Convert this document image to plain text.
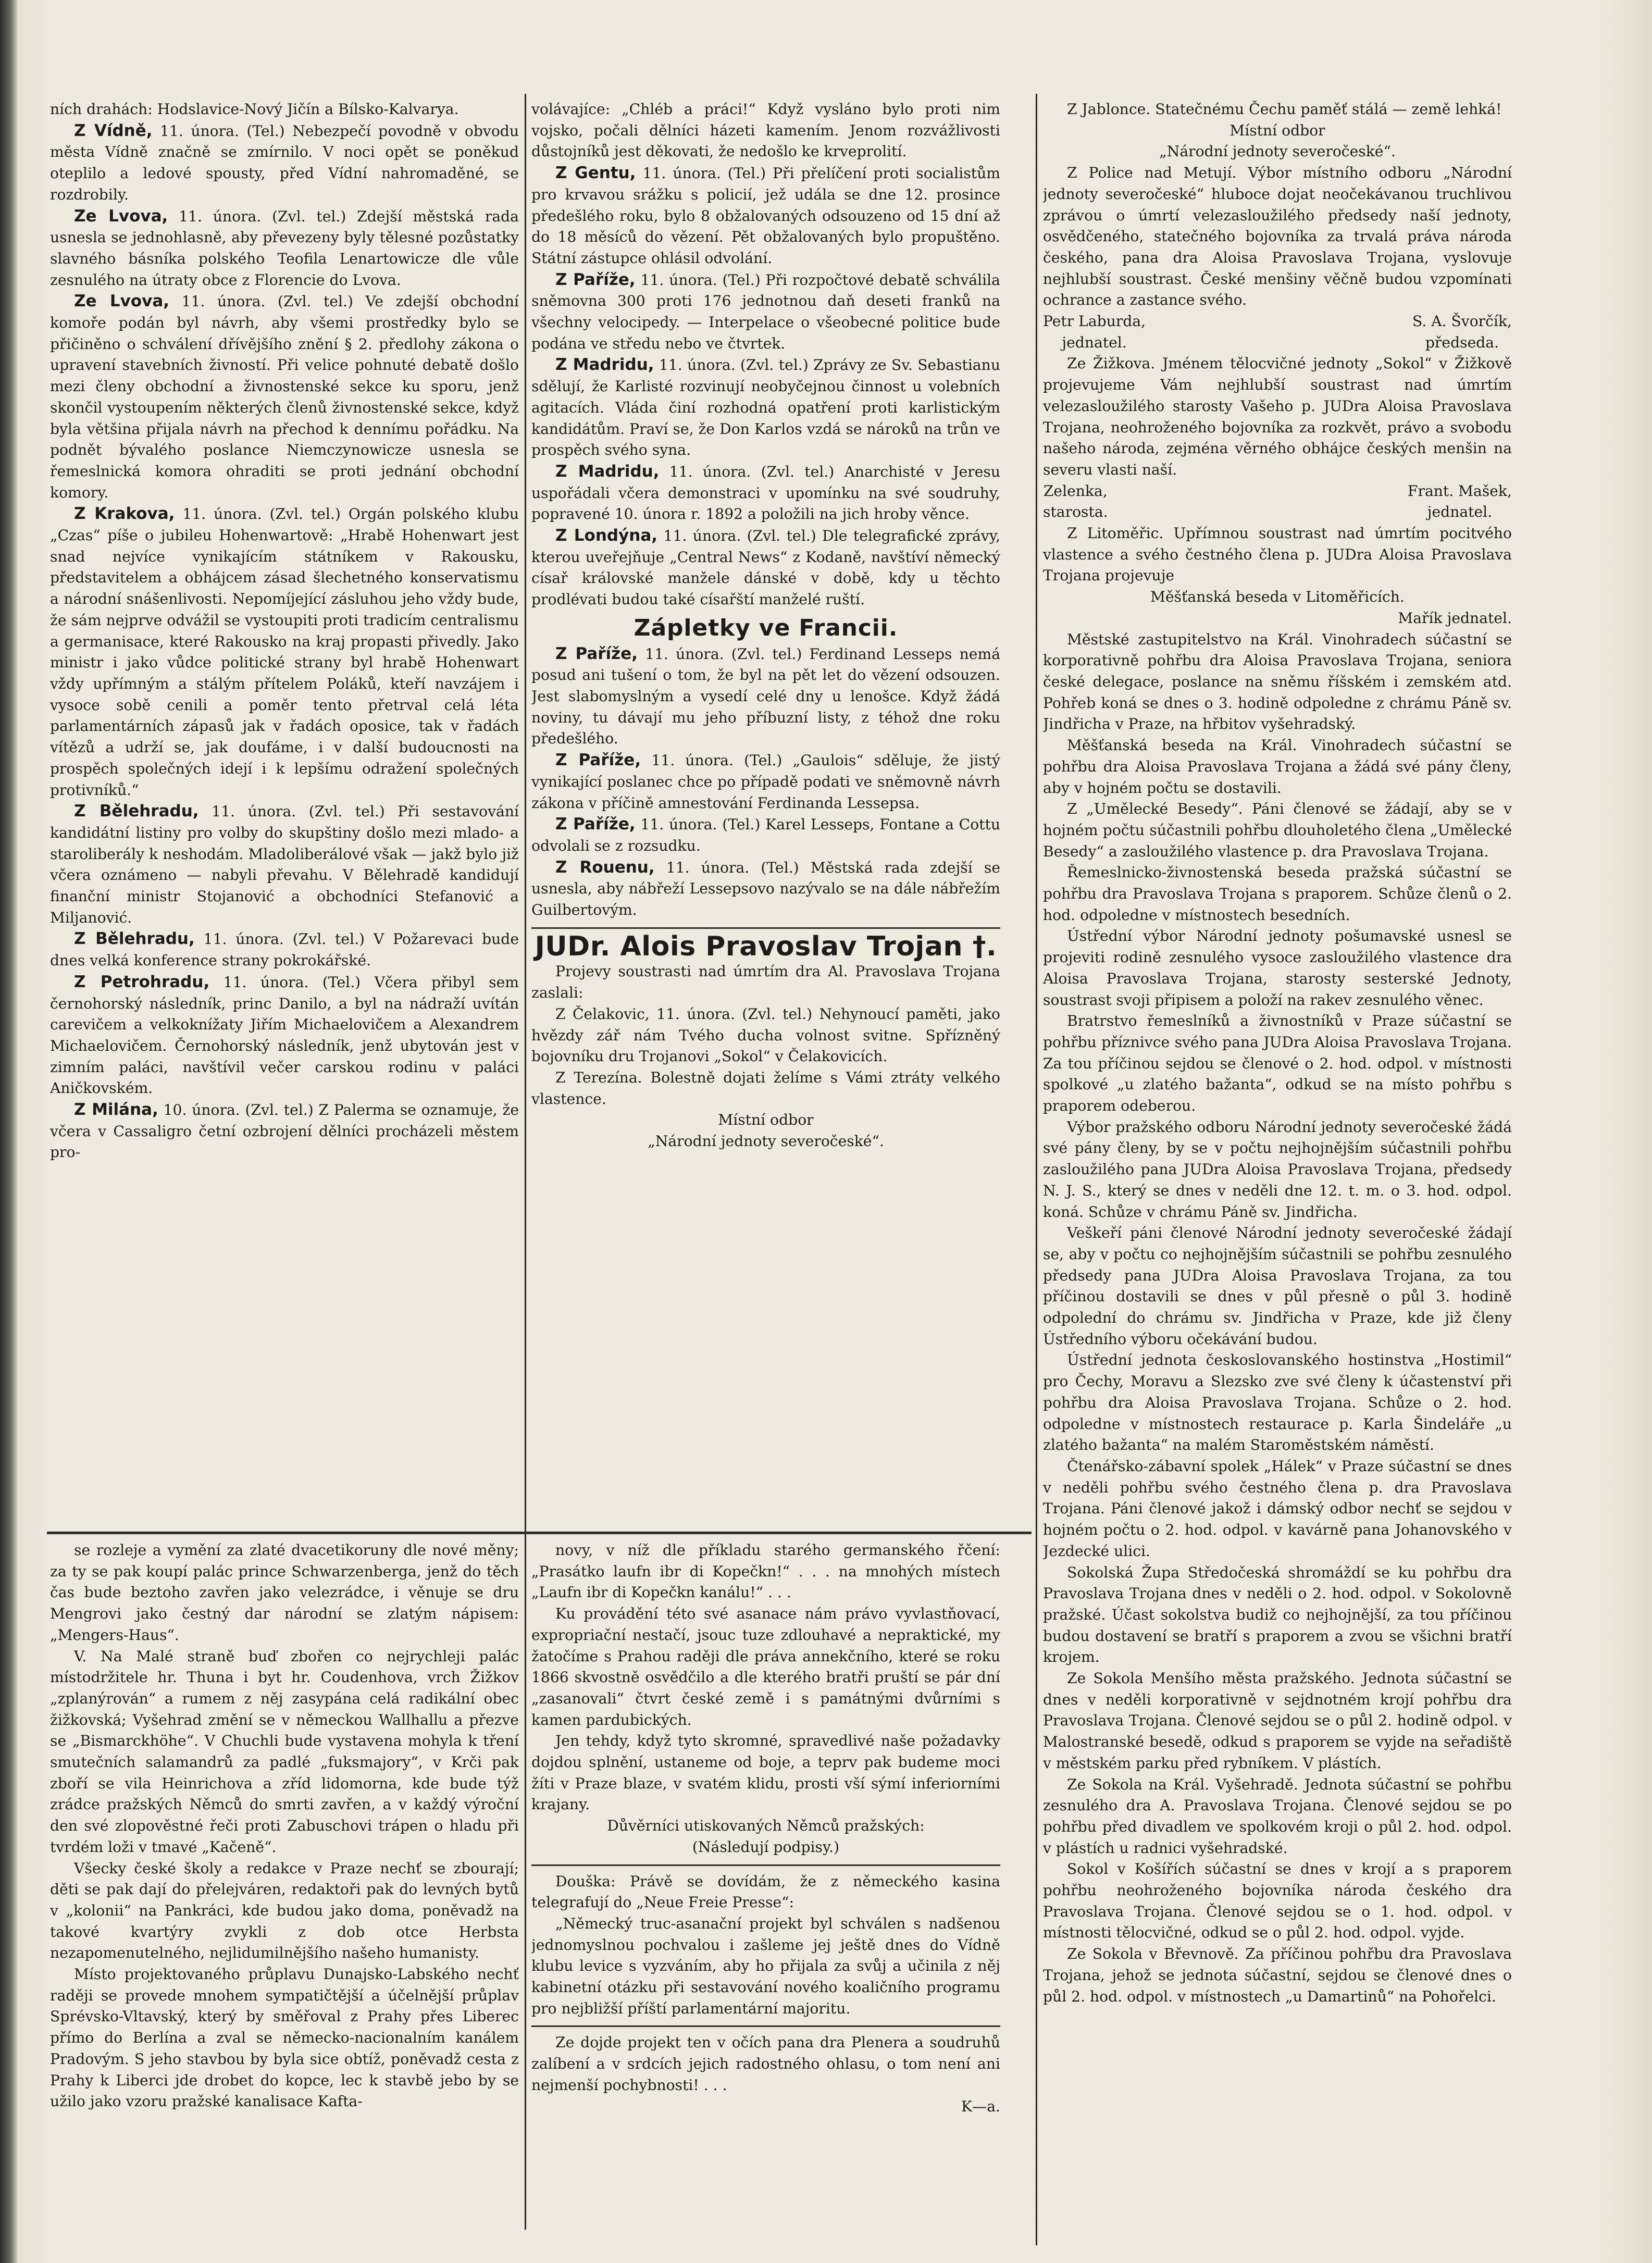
ních drahách: Hodslavice-Nový Jičín a Bílsko-Kalvarya.

Z Vídně, 11. února. (Tel.) Nebezpečí povodně v obvodu města Vídně značně se zmírnilo. V noci opět se poněkud oteplilo a ledové spousty, před Vídní nahromaděné, se rozdrobily.

Ze Lvova, 11. února. (Zvl. tel.) Zdejší městská rada usnesla se jednohlasně, aby převezeny byly tělesné pozůstatky slavného básníka polského Teofila Lenartowicze dle vůle zesnulého na útraty obce z Florencie do Lvova.

Ze Lvova, 11. února. (Zvl. tel.) Ve zdejší obchodní komoře podán byl návrh, aby všemi prostředky bylo se přičiněno o schválení dřívějšího znění § 2. předlohy zákona o upravení stavebních živností. Při velice pohnuté debatě došlo mezi členy obchodní a živnostenské sekce ku sporu, jenž skončil vystoupením některých členů živnostenské sekce, když byla většina přijala návrh na přechod k dennímu pořádku. Na podnět bývalého poslance Niemczynowicze usnesla se řemeslnická komora ohraditi se proti jednání obchodní komory.

Z Krakova, 11. února. (Zvl. tel.) Orgán polského klubu „Czas“ píše o jubileu Hohenwartově: „Hrabě Hohenwart jest snad nejvíce vynikajícím státníkem v Rakousku, představitelem a obhájcem zásad šlechetného konservatismu a národní snášenlivosti. Nepomíjející zásluhou jeho vždy bude, že sám nejprve odvážil se vystoupiti proti tradicím centralismu a germanisace, které Rakousko na kraj propasti přivedly. Jako ministr i jako vůdce politické strany byl hrabě Hohenwart vždy upřímným a stálým přítelem Poláků, kteří navzájem i vysoce sobě cenili a poměr tento přetrval celá léta parlamentárních zápasů jak v řadách oposice, tak v řadách vítězů a udrží se, jak doufáme, i v další budoucnosti na prospěch společných idejí i k lepšímu odražení společných protivníků.“

Z Bělehradu, 11. února. (Zvl. tel.) Při sestavování kandidátní listiny pro volby do skupštiny došlo mezi mlado- a staroliberály k neshodám. Mladoliberálové však — jakž bylo již včera oznámeno — nabyli převahu. V Bělehradě kandidují finanční ministr Stojanović a obchodníci Stefanović a Miljanović.

Z Bělehradu, 11. února. (Zvl. tel.) V Požarevaci bude dnes velká konference strany pokrokářské.

Z Petrohradu, 11. února. (Tel.) Včera přibyl sem černohorský následník, princ Danilo, a byl na nádraží uvítán carevičem a velkoknížaty Jiřím Michaelovičem a Alexandrem Michaelovičem. Černohorský následník, jenž ubytován jest v zimním paláci, navštívil večer carskou rodinu v paláci Aničkovském.

Z Milána, 10. února. (Zvl. tel.) Z Palerma se oznamuje, že včera v Cassaligro četní ozbrojení dělníci procházeli městem pro-

volávajíce: „Chléb a práci!“ Když vysláno bylo proti nim vojsko, počali dělníci házeti kamením. Jenom rozvážlivosti důstojníků jest děkovati, že nedošlo ke krveprolití.

Z Gentu, 11. února. (Tel.) Při přelíčení proti socialistům pro krvavou srážku s policií, jež udála se dne 12. prosince předešlého roku, bylo 8 obžalovaných odsouzeno od 15 dní až do 18 měsíců do vězení. Pět obžalovaných bylo propuštěno. Státní zástupce ohlásil odvolání.

Z Paříže, 11. února. (Tel.) Při rozpočtové debatě schválila sněmovna 300 proti 176 jednotnou daň deseti franků na všechny velocipedy. — Interpelace o všeobecné politice bude podána ve středu nebo ve čtvrtek.

Z Madridu, 11. února. (Zvl. tel.) Zprávy ze Sv. Sebastianu sdělují, že Karlisté rozvinují neobyčejnou činnost u volebních agitacích. Vláda činí rozhodná opatření proti karlistickým kandidátům. Praví se, že Don Karlos vzdá se nároků na trůn ve prospěch svého syna.

Z Madridu, 11. února. (Zvl. tel.) Anarchisté v Jeresu uspořádali včera demonstraci v upomínku na své soudruhy, popravené 10. února r. 1892 a položili na jich hroby věnce.

Z Londýna, 11. února. (Zvl. tel.) Dle telegrafické zprávy, kterou uveřejňuje „Central News“ z Kodaně, navštíví německý císař královské manžele dánské v době, kdy u těchto prodlévati budou také císařští manželé ruští.

Zápletky ve Francii.

Z Paříže, 11. února. (Zvl. tel.) Ferdinand Lesseps nemá posud ani tušení o tom, že byl na pět let do vězení odsouzen. Jest slabomyslným a vysedí celé dny u lenošce. Když žádá noviny, tu dávají mu jeho příbuzní listy, z téhož dne roku předešlého.

Z Paříže, 11. února. (Tel.) „Gaulois“ sděluje, že jistý vynikající poslanec chce po případě podati ve sněmovně návrh zákona v příčině amnestování Ferdinanda Lessepsa.

Z Paříže, 11. února. (Tel.) Karel Lesseps, Fontane a Cottu odvolali se z rozsudku.

Z Rouenu, 11. února. (Tel.) Městská rada zdejší se usnesla, aby nábřeží Lessepsovo nazývalo se na dále nábřežím Guilbertovým.

JUDr. Alois Pravoslav Trojan †.

Projevy soustrasti nad úmrtím dra Al. Pravoslava Trojana zaslali:

Z Čelakovic, 11. února. (Zvl. tel.) Nehynoucí paměti, jako hvězdy zář nám Tvého ducha volnost svitne. Spřízněný bojovníku dru Trojanovi „Sokol“ v Čelakovicích.

Z Terezína. Bolestně dojati želíme s Vámi ztráty velkého vlastence.

Místní odbor

„Národní jednoty severočeské“.

Z Jablonce. Statečnému Čechu paměť stálá — země lehká!

Místní odbor

„Národní jednoty severočeské“.

Z Police nad Metují. Výbor místního odboru „Národní jednoty severočeské“ hluboce dojat neočekávanou truchlivou zprávou o úmrtí velezasloužilého předsedy naší jednoty, osvědčeného, statečného bojovníka za trvalá práva národa českého, pana dra Aloisa Pravoslava Trojana, vyslovuje nejhlubší soustrast. České menšiny věčně budou vzpomínati ochrance a zastance svého.

Petr Laburda,
jednatel.
S. A. Švorčík,
předseda.

Ze Žižkova. Jménem tělocvičné jednoty „Sokol“ v Žižkově projevujeme Vám nejhlubší soustrast nad úmrtím velezasloužilého starosty Vašeho p. JUDra Aloisa Pravoslava Trojana, neohroženého bojovníka za rozkvět, právo a svobodu našeho národa, zejména věrného obhájce českých menšin na severu vlasti naší.

Zelenka,
starosta.
Frant. Mašek,
jednatel.

Z Litoměřic. Upřímnou soustrast nad úmrtím pocitvého vlastence a svého čestného člena p. JUDra Aloisa Pravoslava Trojana projevuje

Měšťanská beseda v Litoměřicích.

Mařík jednatel.

Městské zastupitelstvo na Král. Vinohradech súčastní se korporativně pohřbu dra Aloisa Pravoslava Trojana, seniora české delegace, poslance na sněmu říšském i zemském atd. Pohřeb koná se dnes o 3. hodině odpoledne z chrámu Páně sv. Jindřicha v Praze, na hřbitov vyšehradský.

Měšťanská beseda na Král. Vinohradech súčastní se pohřbu dra Aloisa Pravoslava Trojana a žádá své pány členy, aby v hojném počtu se dostavili.

Z „Umělecké Besedy“. Páni členové se žádají, aby se v hojném počtu súčastnili pohřbu dlouholetého člena „Umělecké Besedy“ a zasloužilého vlastence p. dra Pravoslava Trojana.

Řemeslnicko-živnostenská beseda pražská súčastní se pohřbu dra Pravoslava Trojana s praporem. Schůze členů o 2. hod. odpoledne v místnostech besedních.

Ústřední výbor Národní jednoty pošumavské usnesl se projeviti rodině zesnulého vysoce zasloužilého vlastence dra Aloisa Pravoslava Trojana, starosty sesterské Jednoty, soustrast svoji připisem a položí na rakev zesnulého věnec.

Bratrstvo řemeslníků a živnostníků v Praze súčastní se pohřbu příznivce svého pana JUDra Aloisa Pravoslava Trojana. Za tou příčinou sejdou se členové o 2. hod. odpol. v místnosti spolkové „u zlatého bažanta“, odkud se na místo pohřbu s praporem odeberou.

Výbor pražského odboru Národní jednoty severočeské žádá své pány členy, by se v počtu nejhojnějším súčastnili pohřbu zasloužilého pana JUDra Aloisa Pravoslava Trojana, předsedy N. J. S., který se dnes v neděli dne 12. t. m. o 3. hod. odpol. koná. Schůze v chrámu Páně sv. Jindřicha.

Veškeří páni členové Národní jednoty severočeské žádají se, aby v počtu co nejhojnějším súčastnili se pohřbu zesnulého předsedy pana JUDra Aloisa Pravoslava Trojana, za tou příčinou dostavili se dnes v půl přesně o půl 3. hodině odpolední do chrámu sv. Jindřicha v Praze, kde již členy Ústředního výboru očekávání budou.

Ústřední jednota českoslovanského hostinstva „Hostimil“ pro Čechy, Moravu a Slezsko zve své členy k účastenství při pohřbu dra Aloisa Pravoslava Trojana. Schůze o 2. hod. odpoledne v místnostech restaurace p. Karla Šindeláře „u zlatého bažanta“ na malém Staroměstském náměstí.

Čtenářsko-zábavní spolek „Hálek“ v Praze súčastní se dnes v neděli pohřbu svého čestného člena p. dra Pravoslava Trojana. Páni členové jakož i dámský odbor nechť se sejdou v hojném počtu o 2. hod. odpol. v kavárně pana Johanovského v Jezdecké ulici.

Sokolská Župa Středočeská shromáždí se ku pohřbu dra Pravoslava Trojana dnes v neděli o 2. hod. odpol. v Sokolovně pražské. Účast sokolstva budiž co nejhojnější, za tou příčinou budou dostavení se bratří s praporem a zvou se všichni bratří krojem.

Ze Sokola Menšího města pražského. Jednota súčastní se dnes v neděli korporativně v sejdnotném krojí pohřbu dra Pravoslava Trojana. Členové sejdou se o půl 2. hodině odpol. v Malostranské besedě, odkud s praporem se vyjde na seřadiště v městském parku před rybníkem. V plástích.

Ze Sokola na Král. Vyšehradě. Jednota súčastní se pohřbu zesnulého dra A. Pravoslava Trojana. Členové sejdou se po pohřbu před divadlem ve spolkovém kroji o půl 2. hod. odpol. v plástích u radnici vyšehradské.

Sokol v Košířích súčastní se dnes v krojí a s praporem pohřbu neohroženého bojovníka národa českého dra Pravoslava Trojana. Členové sejdou se o 1. hod. odpol. v místnosti tělocvičné, odkud se o půl 2. hod. odpol. vyjde.

Ze Sokola v Břevnově. Za příčinou pohřbu dra Pravoslava Trojana, jehož se jednota súčastní, sejdou se členové dnes o půl 2. hod. odpol. v místnostech „u Damartinů“ na Pohořelci.

se rozleje a vymění za zlaté dvacetikoruny dle nové měny; za ty se pak koupí palác prince Schwarzenberga, jenž do těch čas bude beztoho zavřen jako velezrádce, i věnuje se dru Mengrovi jako čestný dar národní se zlatým nápisem: „Mengers-Haus“.

V. Na Malé straně buď zbořen co nejrychleji palác místodržitele hr. Thuna i byt hr. Coudenhova, vrch Žižkov „zplanýrován“ a rumem z něj zasypána celá radikální obec žižkovská; Vyšehrad změní se v německou Wallhallu a přezve se „Bismarckhöhe“. V Chuchli bude vystavena mohyla k tření smutečních salamandrů za padlé „fuksmajory“, v Krči pak zboří se vila Heinrichova a zříd lidomorna, kde bude týž zrádce pražských Němců do smrti zavřen, a v každý výroční den své zlopověstné řeči proti Zabuschovi trápen o hladu při tvrdém loži v tmavé „Kačeně“.

Všecky české školy a redakce v Praze nechť se zbourají; děti se pak dají do přelejváren, redaktoři pak do levných bytů v „kolonii“ na Pankráci, kde budou jako doma, poněvadž na takové kvartýry zvykli z dob otce Herbsta nezapomenutelného, nejlidumilnějšího našeho humanisty.

Místo projektovaného průplavu Dunajsko-Labského nechť raději se provede mnohem sympatičtější a účelnější průplav Sprévsko-Vltavský, který by směřoval z Prahy přes Liberec přímo do Berlína a zval se německo-nacionalním kanálem Pradovým. S jeho stavbou by byla sice obtíž, poněvadž cesta z Prahy k Liberci jde drobet do kopce, lec k stavbě jebo by se užilo jako vzoru pražské kanalisace Kafta-

novy, v níž dle příkladu starého germanského řčení: „Prasátko laufn ibr di Kopečkn!“ . . . na mnohých místech „Laufn ibr di Kopečkn kanálu!“ . . .

Ku provádění této své asanace nám právo vyvlastňovací, expropriační nestačí, jsouc tuze zdlouhavé a nepraktické, my žatočíme s Prahou raději dle práva annekčního, které se roku 1866 skvostně osvědčilo a dle kterého bratři pruští se pár dní „zasanovali“ čtvrt české země i s památnými dvůrními s kamen pardubických.

Jen tehdy, když tyto skromné, spravedlivé naše požadavky dojdou splnění, ustaneme od boje, a teprv pak budeme moci žíti v Praze blaze, v svatém klidu, prosti vší sýmí inferiorními krajany.

Důvěrníci utiskovaných Němců pražských:

(Následují podpisy.)

Douška: Právě se dovídám, že z německého kasina telegrafují do „Neue Freie Presse“:

„Německý truc-asanační projekt byl schválen s nadšenou jednomyslnou pochvalou i zašleme jej ještě dnes do Vídně klubu levice s vyzváním, aby ho přijala za svůj a učinila z něj kabinetní otázku při sestavování nového koaličního programu pro nejbližší příští parlamentární majoritu.

Ze dojde projekt ten v očích pana dra Plenera a soudruhů zalíbení a v srdcích jejich radostného ohlasu, o tom není ani nejmenší pochybnosti! . . .

K—a.
